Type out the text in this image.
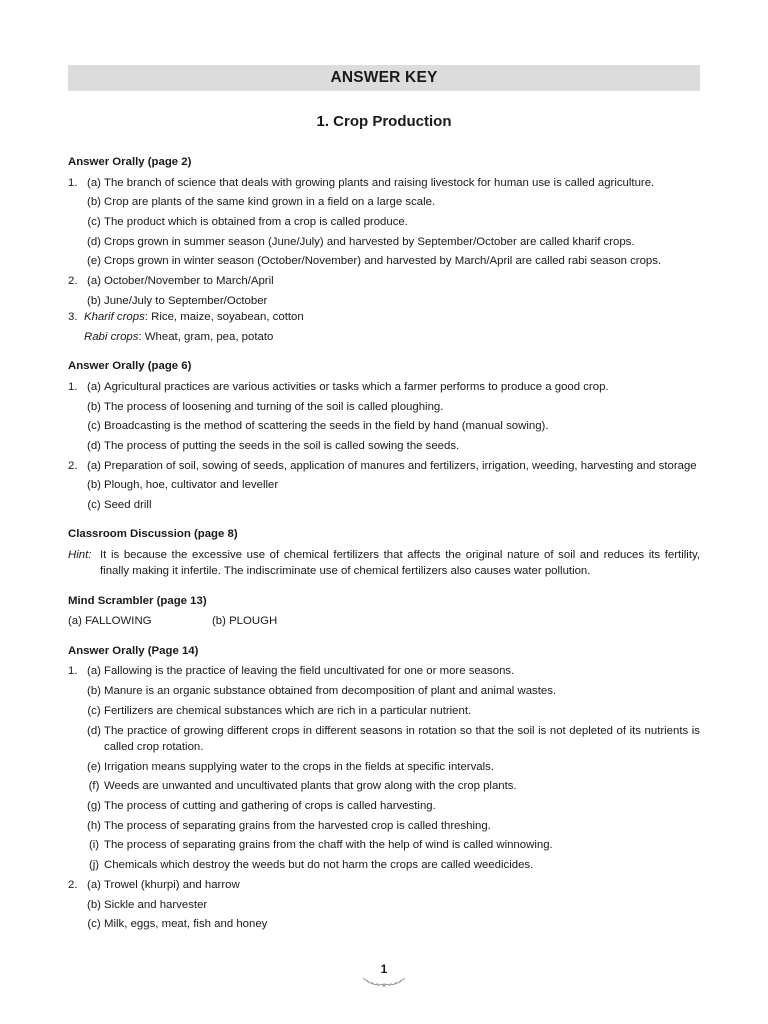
ANSWER KEY
1. Crop Production
Answer Orally (page 2)
1. (a) The branch of science that deals with growing plants and raising livestock for human use is called agriculture.
(b) Crop are plants of the same kind grown in a field on a large scale.
(c) The product which is obtained from a crop is called produce.
(d) Crops grown in summer season (June/July) and harvested by September/October are called kharif crops.
(e) Crops grown in winter season (October/November) and harvested by March/April are called rabi season crops.
2. (a) October/November to March/April
(b) June/July to September/October
3. Kharif crops: Rice, maize, soyabean, cotton
Rabi crops: Wheat, gram, pea, potato
Answer Orally (page 6)
1. (a) Agricultural practices are various activities or tasks which a farmer performs to produce a good crop.
(b) The process of loosening and turning of the soil is called ploughing.
(c) Broadcasting is the method of scattering the seeds in the field by hand (manual sowing).
(d) The process of putting the seeds in the soil is called sowing the seeds.
2. (a) Preparation of soil, sowing of seeds, application of manures and fertilizers, irrigation, weeding, harvesting and storage
(b) Plough, hoe, cultivator and leveller
(c) Seed drill
Classroom Discussion (page 8)
Hint: It is because the excessive use of chemical fertilizers that affects the original nature of soil and reduces its fertility, finally making it infertile. The indiscriminate use of chemical fertilizers also causes water pollution.
Mind Scrambler (page 13)
(a) FALLOWING	(b) PLOUGH
Answer Orally (Page 14)
1. (a) Fallowing is the practice of leaving the field uncultivated for one or more seasons.
(b) Manure is an organic substance obtained from decomposition of plant and animal wastes.
(c) Fertilizers are chemical substances which are rich in a particular nutrient.
(d) The practice of growing different crops in different seasons in rotation so that the soil is not depleted of its nutrients is called crop rotation.
(e) Irrigation means supplying water to the crops in the fields at specific intervals.
(f) Weeds are unwanted and uncultivated plants that grow along with the crop plants.
(g) The process of cutting and gathering of crops is called harvesting.
(h) The process of separating grains from the harvested crop is called threshing.
(i) The process of separating grains from the chaff with the help of wind is called winnowing.
(j) Chemicals which destroy the weeds but do not harm the crops are called weedicides.
2. (a) Trowel (khurpi) and harrow
(b) Sickle and harvester
(c) Milk, eggs, meat, fish and honey
1
